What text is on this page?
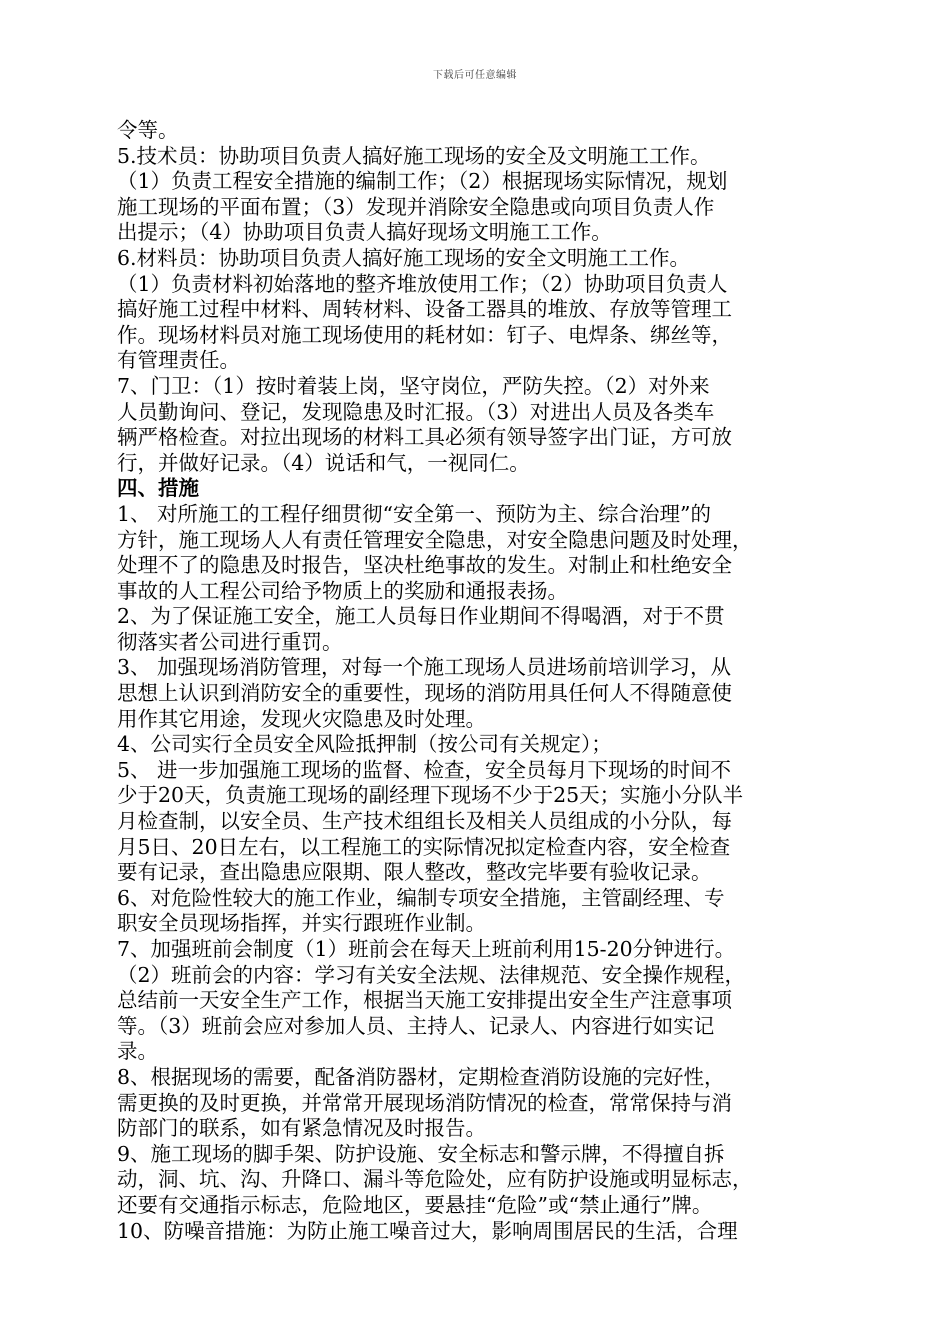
下载后可任意编辑
令等。
5.技术员：协助项目负责人搞好施工现场的安全及文明施工工作。
（1）负责工程安全措施的编制工作；（2）根据现场实际情况，规划
施工现场的平面布置；（3）发现并消除安全隐患或向项目负责人作
出提示；（4）协助项目负责人搞好现场文明施工工作。
6.材料员：协助项目负责人搞好施工现场的安全文明施工工作。
（1）负责材料初始落地的整齐堆放使用工作；（2）协助项目负责人
搞好施工过程中材料、周转材料、设备工器具的堆放、存放等管理工
作。现场材料员对施工现场使用的耗材如：钉子、电焊条、绑丝等，
有管理责任。
7、门卫：（1）按时着装上岗，坚守岗位，严防失控。（2）对外来
人员勤询问、登记，发现隐患及时汇报。（3）对进出人员及各类车
辆严格检查。对拉出现场的材料工具必须有领导签字出门证，方可放
行，并做好记录。（4）说话和气，一视同仁。
四、措施
1、 对所施工的工程仔细贯彻“安全第一、预防为主、综合治理”的
方针，施工现场人人有责任管理安全隐患，对安全隐患问题及时处理，
处理不了的隐患及时报告，坚决杜绝事故的发生。对制止和杜绝安全
事故的人工程公司给予物质上的奖励和通报表扬。
2、为了保证施工安全，施工人员每日作业期间不得喝酒，对于不贯
彻落实者公司进行重罚。
3、 加强现场消防管理，对每一个施工现场人员进场前培训学习，从
思想上认识到消防安全的重要性，现场的消防用具任何人不得随意使
用作其它用途，发现火灾隐患及时处理。
4、公司实行全员安全风险抵押制（按公司有关规定）；
5、 进一步加强施工现场的监督、检查，安全员每月下现场的时间不
少于20天，负责施工现场的副经理下现场不少于25天；实施小分队半
月检查制，以安全员、生产技术组组长及相关人员组成的小分队，每
月5日、20日左右，以工程施工的实际情况拟定检查内容，安全检查
要有记录，查出隐患应限期、限人整改，整改完毕要有验收记录。
6、对危险性较大的施工作业，编制专项安全措施，主管副经理、专
职安全员现场指挥，并实行跟班作业制。
7、加强班前会制度（1）班前会在每天上班前利用15-20分钟进行。
（2）班前会的内容：学习有关安全法规、法律规范、安全操作规程，
总结前一天安全生产工作，根据当天施工安排提出安全生产注意事项
等。（3）班前会应对参加人员、主持人、记录人、内容进行如实记
录。
8、根据现场的需要，配备消防器材，定期检查消防设施的完好性，
需更换的及时更换，并常常开展现场消防情况的检查，常常保持与消
防部门的联系，如有紧急情况及时报告。
9、施工现场的脚手架、防护设施、安全标志和警示牌，不得擅自拆
动，洞、坑、沟、升降口、漏斗等危险处，应有防护设施或明显标志，
还要有交通指示标志，危险地区，要悬挂“危险”或“禁止通行”牌。
10、防噪音措施：为防止施工噪音过大，影响周围居民的生活，合理
